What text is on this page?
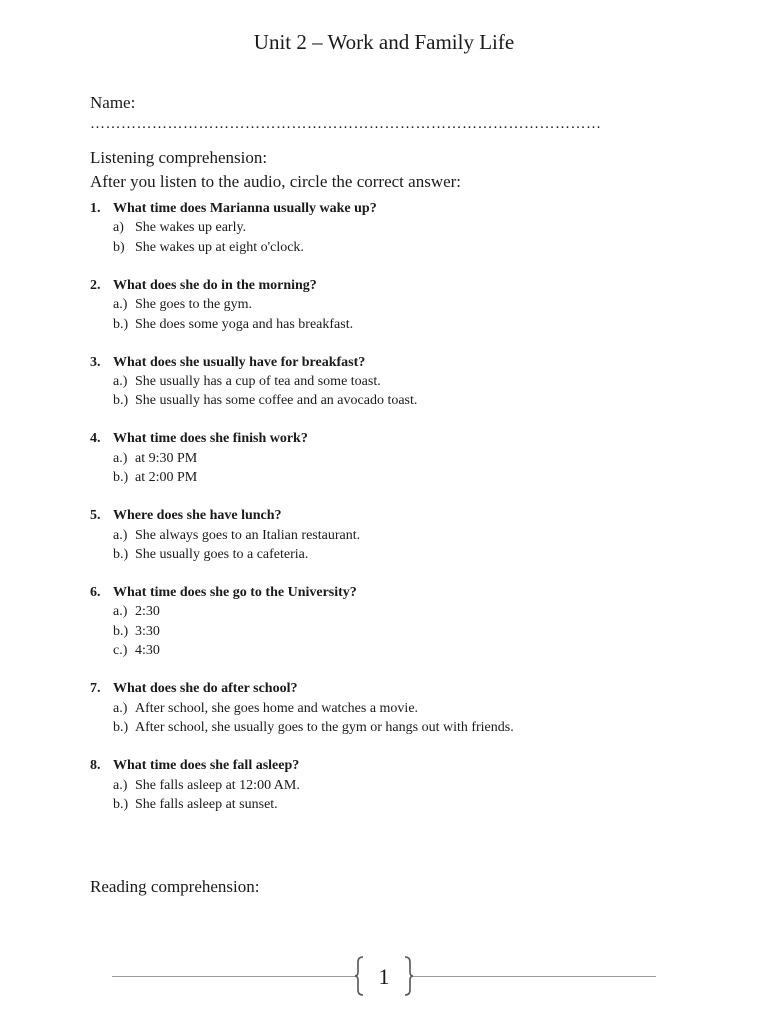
Unit 2 – Work and Family Life
Name:
………………………………………………………………………………………
Listening comprehension:
After you listen to the audio, circle the correct answer:
1. What time does Marianna usually wake up?
a) She wakes up early.
b) She wakes up at eight o'clock.
2. What does she do in the morning?
a.) She goes to the gym.
b.) She does some yoga and has breakfast.
3. What does she usually have for breakfast?
a.) She usually has a cup of tea and some toast.
b.) She usually has some coffee and an avocado toast.
4. What time does she finish work?
a.) at 9:30 PM
b.) at 2:00 PM
5. Where does she have lunch?
a.) She always goes to an Italian restaurant.
b.) She usually goes to a cafeteria.
6. What time does she go to the University?
a.) 2:30
b.) 3:30
c.) 4:30
7. What does she do after school?
a.) After school, she goes home and watches a movie.
b.) After school, she usually goes to the gym or hangs out with friends.
8. What time does she fall asleep?
a.) She falls asleep at 12:00 AM.
b.) She falls asleep at sunset.
Reading comprehension:
1
